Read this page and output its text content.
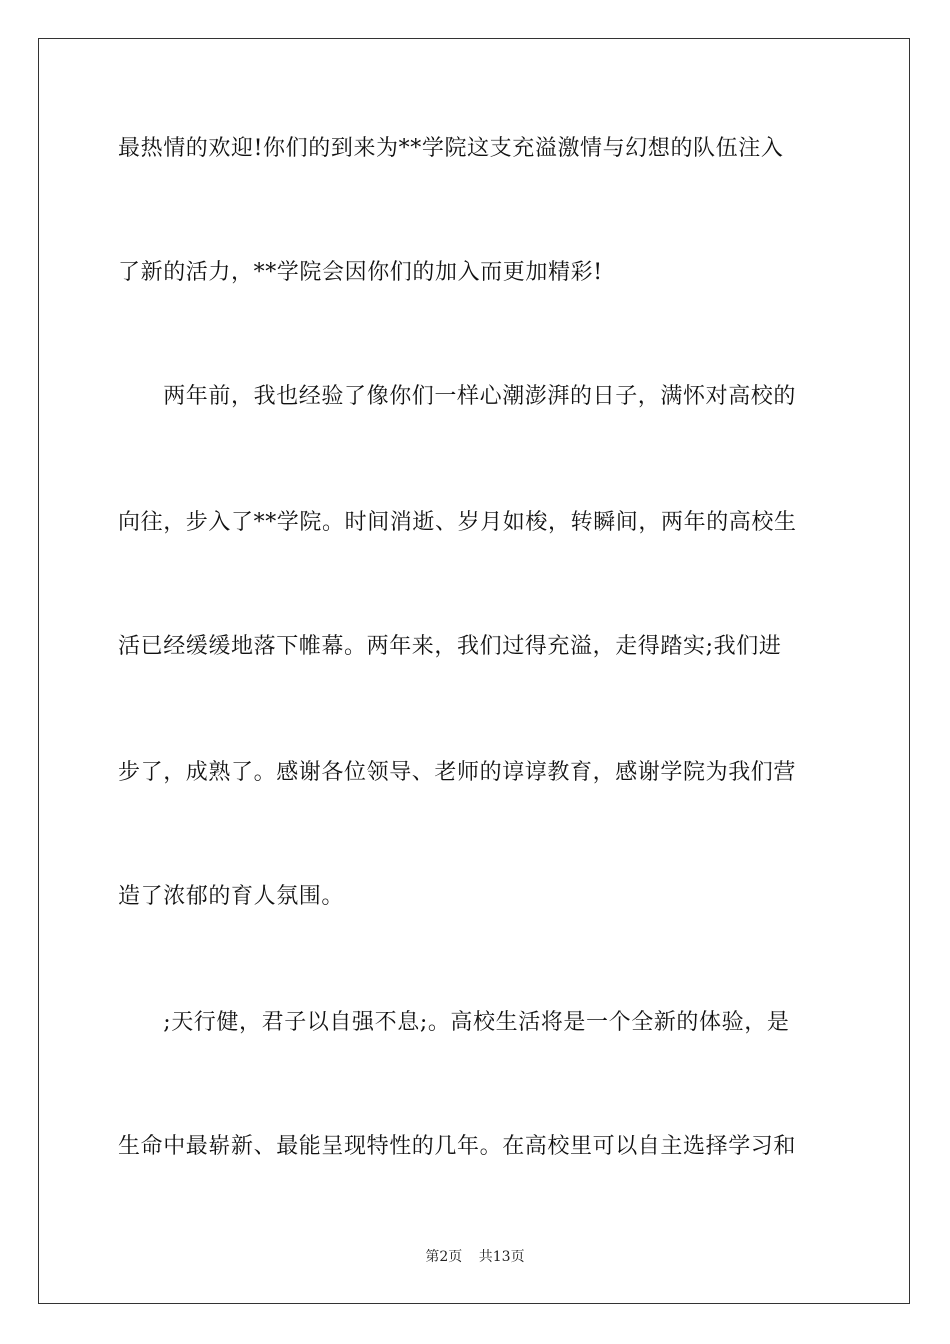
最热情的欢迎!你们的到来为**学院这支充溢激情与幻想的队伍注入
了新的活力，**学院会因你们的加入而更加精彩!
　　两年前，我也经验了像你们一样心潮澎湃的日子，满怀对高校的
向往，步入了**学院。时间消逝、岁月如梭，转瞬间，两年的高校生
活已经缓缓地落下帷幕。两年来，我们过得充溢，走得踏实;我们进
步了，成熟了。感谢各位领导、老师的谆谆教育，感谢学院为我们营
造了浓郁的育人氛围。
　　;天行健，君子以自强不息;。高校生活将是一个全新的体验，是
生命中最崭新、最能呈现特性的几年。在高校里可以自主选择学习和
第2页 共13页
